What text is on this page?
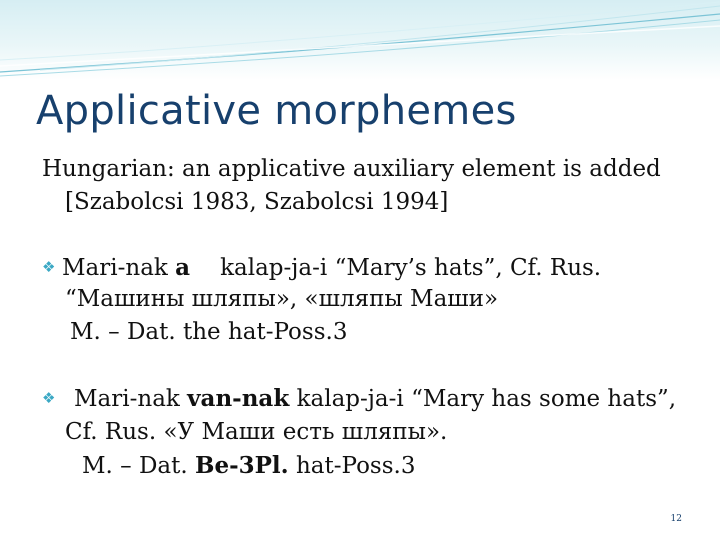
Applicative morphemes
Hungarian: an applicative auxiliary element is added
[Szabolcsi 1983, Szabolcsi 1994]
❖ Mari-nak a kalap-ja-i “Mary’s hats”, Cf. Rus.
“Машины шляпы», «шляпы Маши»
M. – Dat. the hat-Poss.3
❖ Mari-nak van-nak kalap-ja-i “Mary has some hats”,
Cf. Rus. «У Маши есть шляпы».
M. – Dat. Be-3Pl. hat-Poss.3
12
